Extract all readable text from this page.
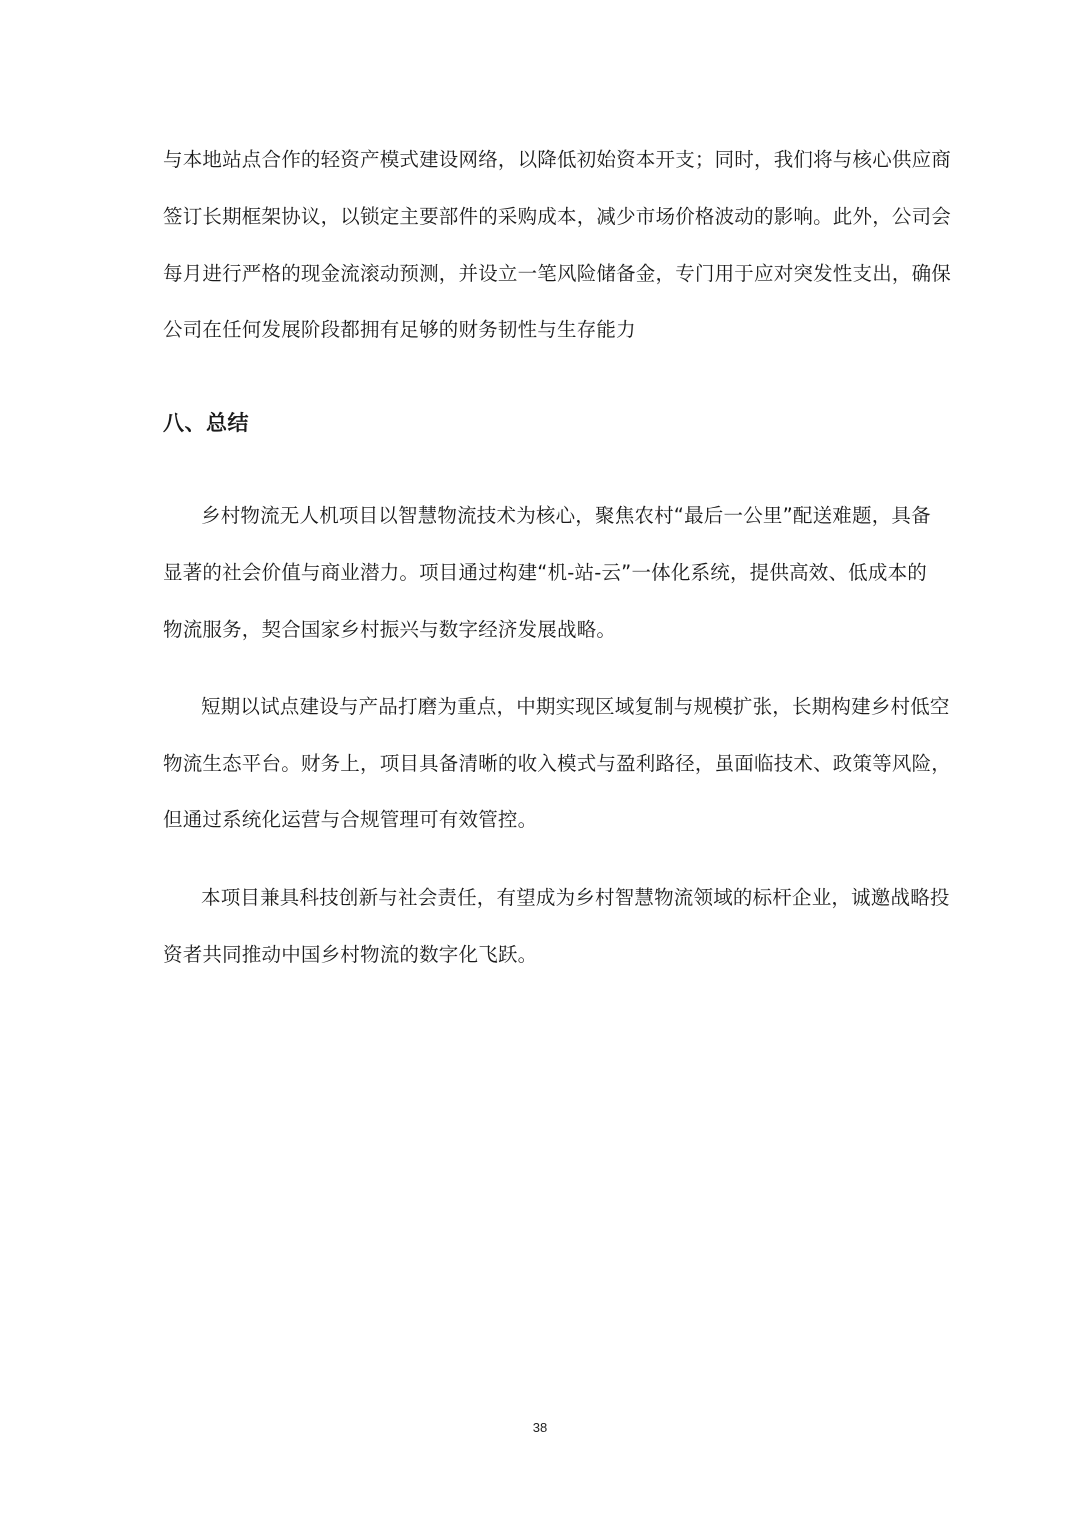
与本地站点合作的轻资产模式建设网络，以降低初始资本开支；同时，我们将与核心供应商
签订长期框架协议，以锁定主要部件的采购成本，减少市场价格波动的影响。此外，公司会
每月进行严格的现金流滚动预测，并设立一笔风险储备金，专门用于应对突发性支出，确保
公司在任何发展阶段都拥有足够的财务韧性与生存能力
八、总结
乡村物流无人机项目以智慧物流技术为核心，聚焦农村“最后一公里”配送难题，具备
显著的社会价值与商业潜力。项目通过构建“机-站-云”一体化系统，提供高效、低成本的
物流服务，契合国家乡村振兴与数字经济发展战略。
短期以试点建设与产品打磨为重点，中期实现区域复制与规模扩张，长期构建乡村低空
物流生态平台。财务上，项目具备清晰的收入模式与盈利路径，虽面临技术、政策等风险，
但通过系统化运营与合规管理可有效管控。
本项目兼具科技创新与社会责任，有望成为乡村智慧物流领域的标杆企业，诚邀战略投
资者共同推动中国乡村物流的数字化飞跃。
38
